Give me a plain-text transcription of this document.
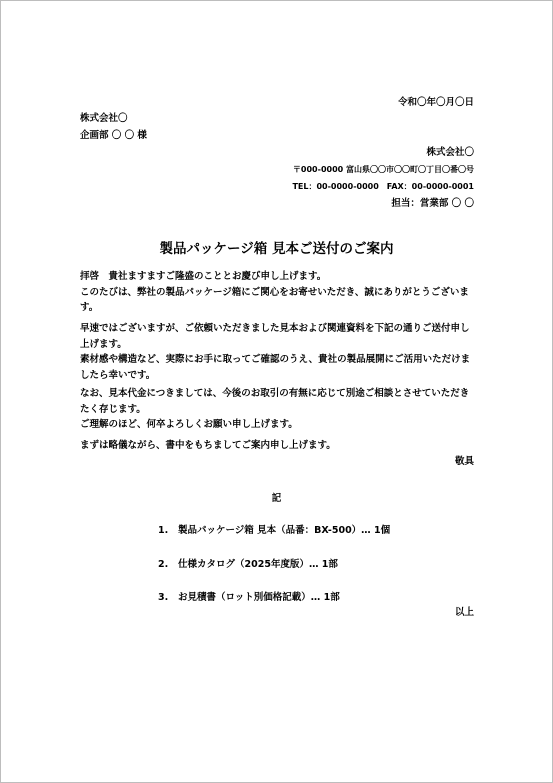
令和〇年〇月〇日
株式会社〇
企画部 〇 〇 様
株式会社〇
〒000-0000 富山県〇〇市〇〇町〇丁目〇番〇号
TEL：00-0000-0000　FAX：00-0000-0001
担当：営業部 〇 〇
製品パッケージ箱 見本ご送付のご案内

拝啓　貴社ますますご隆盛のこととお慶び申し上げます。

このたびは、弊社の製品パッケージ箱にご関心をお寄せいただき、誠にありがとうございます。

早速ではございますが、ご依頼いただきました見本および関連資料を下記の通りご送付申し上げます。

素材感や構造など、実際にお手に取ってご確認のうえ、貴社の製品展開にご活用いただけましたら幸いです。

なお、見本代金につきましては、今後のお取引の有無に応じて別途ご相談とさせていただきたく存じます。

ご理解のほど、何卒よろしくお願い申し上げます。

まずは略儀ながら、書中をもちましてご案内申し上げます。

敬具
記
1. 製品パッケージ箱 見本（品番：BX-500）… 1個
2. 仕様カタログ（2025年度版）… 1部
3. お見積書（ロット別価格記載）… 1部
以上
